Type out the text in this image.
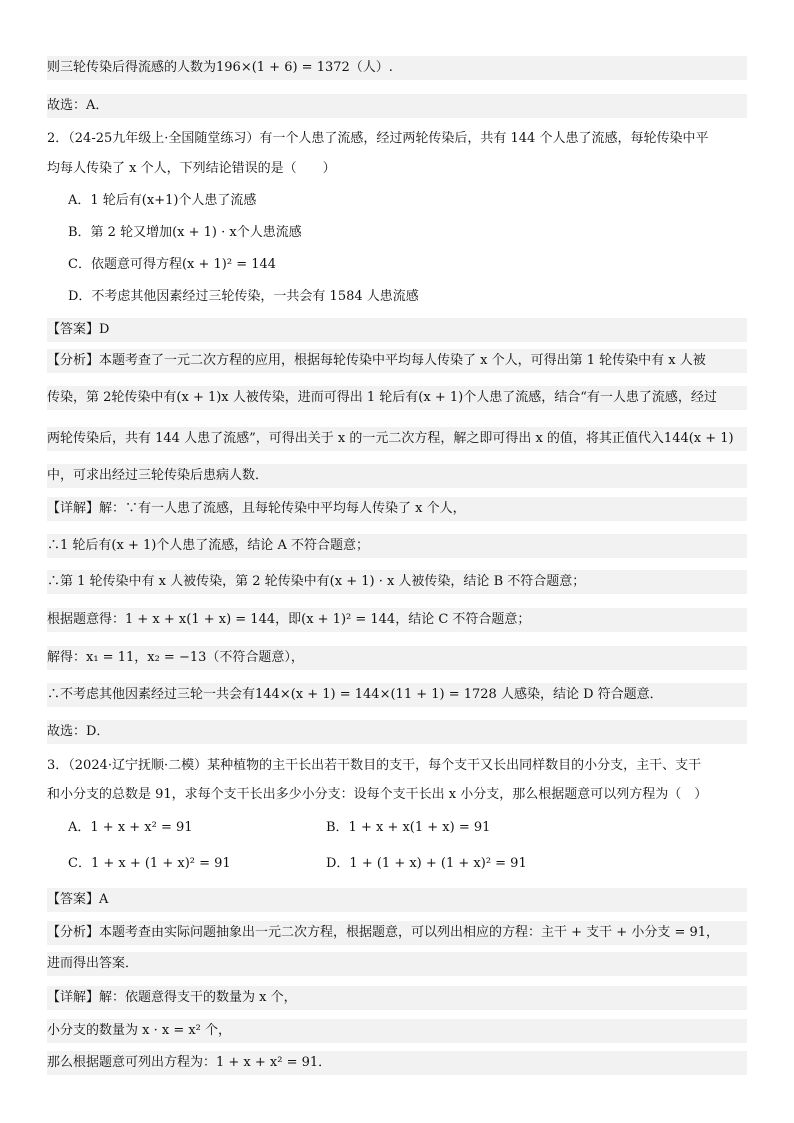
则三轮传染后得流感的人数为196×(1 + 6) = 1372（人）.
故选：A．
2．（24-25九年级上·全国随堂练习）有一个人患了流感，经过两轮传染后，共有 144 个人患了流感，每轮传染中平
均每人传染了 x 个人，下列结论错误的是（　　）
A．1 轮后有(x+1)个人患了流感
B．第 2 轮又增加(x + 1) · x个人患流感
C．依题意可得方程(x + 1)² = 144
D．不考虑其他因素经过三轮传染，一共会有 1584 人患流感
【答案】D
【分析】本题考查了一元二次方程的应用，根据每轮传染中平均每人传染了 x 个人，可得出第 1 轮传染中有 x 人被
传染，第 2轮传染中有(x + 1)x 人被传染，进而可得出 1 轮后有(x + 1)个人患了流感，结合“有一人患了流感，经过
两轮传染后，共有 144 人患了流感”，可得出关于 x 的一元二次方程，解之即可得出 x 的值，将其正值代入144(x + 1)
中，可求出经过三轮传染后患病人数．
【详解】解：∵有一人患了流感，且每轮传染中平均每人传染了 x 个人，
∴1 轮后有(x + 1)个人患了流感，结论 A 不符合题意；
∴第 1 轮传染中有 x 人被传染，第 2 轮传染中有(x + 1) · x 人被传染，结论 B 不符合题意；
根据题意得：1 + x + x(1 + x) = 144，即(x + 1)² = 144，结论 C 不符合题意；
解得：x₁ = 11，x₂ = −13（不符合题意），
∴不考虑其他因素经过三轮一共会有144×(x + 1) = 144×(11 + 1) = 1728 人感染，结论 D 符合题意．
故选：D．
3．（2024·辽宁抚顺·二模）某种植物的主干长出若干数目的支干，每个支干又长出同样数目的小分支，主干、支干
和小分支的总数是 91，求每个支干长出多少小分支：设每个支干长出 x 小分支，那么根据题意可以列方程为（　）
A．1 + x + x² = 91	B．1 + x + x(1 + x) = 91
C．1 + x + (1 + x)² = 91	D．1 + (1 + x) + (1 + x)² = 91
【答案】A
【分析】本题考查由实际问题抽象出一元二次方程，根据题意，可以列出相应的方程：主干 + 支干 + 小分支 = 91，
进而得出答案．
【详解】解：依题意得支干的数量为 x 个，
小分支的数量为 x · x = x² 个，
那么根据题意可列出方程为：1 + x + x² = 91．
